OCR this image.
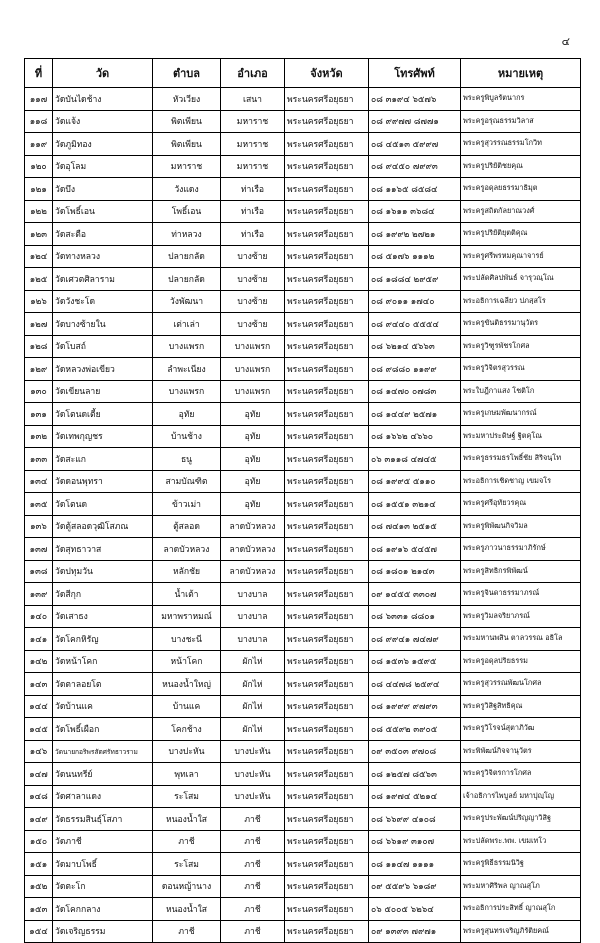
๔
ที่	วัด	ตำบล	อำเภอ	จังหวัด	โทรศัพท์	หมายเหตุ
๑๑๗	วัดบันไดช้าง	หัวเวียง	เสนา	พระนครศรีอยุธยา	๐๘ ๓๑๙๔ ๖๕๗๖	พระครูพิบูลรัตนากร
๑๑๘	วัดแจ้ง	พิตเพียน	มหาราช	พระนครศรีอยุธยา	๐๘ ๙๙๗๗ ๘๗๗๑	พระครูอรุณธรรมวิลาส
๑๑๙	วัดภูมิทอง	พิตเพียน	มหาราช	พระนครศรีอยุธยา	๐๘ ๔๕๑๓ ๕๙๙๗	พระครูสุวรรณธรรมโกวิท
๑๒๐	วัดอุโลม	มหาราช	มหาราช	พระนครศรีอยุธยา	๐๘ ๙๔๕๐ ๗๙๙๓	พระครูปริยัติชยคุณ
๑๒๑	วัดบึง	วังแดง	ท่าเรือ	พระนครศรีอยุธยา	๐๘ ๑๑๖๕ ๘๕๘๔	พระครูอดุลยธรรมาธิมุต
๑๒๒	วัดโพธิ์เอน	โพธิ์เอน	ท่าเรือ	พระนครศรีอยุธยา	๐๘ ๑๖๑๑ ๓๖๘๔	พระครูสถิตกัลยาณวงศ์
๑๒๓	วัดสะตือ	ท่าหลวง	ท่าเรือ	พระนครศรีอยุธยา	๐๘ ๑๙๙๒ ๒๗๒๑	พระครูปริยัติยุตติคุณ
๑๒๔	วัดทางหลวง	ปลายกลัด	บางซ้าย	พระนครศรีอยุธยา	๐๘ ๕๑๗๖ ๑๑๑๒	พระครูศรีพรหมคุณาจารย์
๑๒๕	วัดเศวตศิลาราม	ปลายกลัด	บางซ้าย	พระนครศรีอยุธยา	๐๘ ๑๘๘๔ ๒๙๕๙	พระปลัดศิลปพันธ์ จารุวณฺโณ
๑๒๖	วัดวังชะโด	วังพัฒนา	บางซ้าย	พระนครศรีอยุธยา	๐๘ ๙๐๑๑ ๑๗๔๐	พระอธิการเฉลียว ปภสฺสโร
๑๒๗	วัดบางซ้ายใน	เต่าเล่า	บางซ้าย	พระนครศรีอยุธยา	๐๘ ๙๔๔๐ ๕๕๕๔	พระครูขันติธรรมานุวัตร
๑๒๘	วัดโบสถ์	บางแพรก	บางแพรก	พระนครศรีอยุธยา	๐๘ ๖๒๑๔ ๕๖๖๓	พระครูวิฑูรพัชรโกศล
๑๒๙	วัดหลวงพ่อเขียว	ลำพะเนียง	บางแพรก	พระนครศรีอยุธยา	๐๘ ๙๘๘๐ ๑๑๙๙	พระครูวิจิตรสุวรรณ
๑๓๐	วัดเขียนลาย	บางแพรก	บางแพรก	พระนครศรีอยุธยา	๐๘ ๑๔๗๐ ๐๗๘๓	พระใบฎีกาแสง โชติโก
๑๓๑	วัดโตนดเตี้ย	อุทัย	อุทัย	พระนครศรีอยุธยา	๐๘ ๑๔๔๙ ๒๕๗๑	พระครูเกษมพัฒนากรณ์
๑๓๒	วัดเทพกุญชร	บ้านช้าง	อุทัย	พระนครศรีอยุธยา	๐๘ ๑๖๖๒ ๔๖๖๐	พระมหาประดิษฐ์ ฐิตคุโณ
๑๓๓	วัดสะแก	ธนู	อุทัย	พระนครศรีอยุธยา	๐๖ ๓๑๑๘ ๔๗๔๕	พระครูธรรมธรโพธิ์ชัย สิริจนฺโท
๑๓๔	วัดดอนพุทรา	สามบัณฑิต	อุทัย	พระนครศรีอยุธยา	๐๘ ๑๙๙๕ ๕๑๑๐	พระอธิการเชิดชาญ เขมจโร
๑๓๕	วัดโตนด	ข้าวเม่า	อุทัย	พระนครศรีอยุธยา	๐๘ ๑๕๕๑ ๓๒๑๔	พระครูศรีอุทัยวรคุณ
๑๓๖	วัดตู้สลอดวุฒิโสภณ	ตู้สลอด	ลาดบัวหลวง	พระนครศรีอยุธยา	๐๘ ๗๔๑๓ ๒๕๑๕	พระครูพิพัฒนกิจวิมล
๑๓๗	วัดสุทธาวาส	ลาดบัวหลวง	ลาดบัวหลวง	พระนครศรีอยุธยา	๐๘ ๑๙๑๖ ๕๔๕๗	พระครูภาวนาธรรมาภิรักษ์
๑๓๘	วัดปทุมวัน	หลักชัย	ลาดบัวหลวง	พระนครศรีอยุธยา	๐๘ ๑๘๐๑ ๒๑๔๓	พระครูสิทธิกรพิพัฒน์
๑๓๙	วัดสีกุก	น้ำเต้า	บางบาล	พระนครศรีอยุธยา	๐๙ ๑๔๕๕ ๓๓๐๗	พระครูจินดาธรรมาภรณ์
๑๔๐	วัดเสาธง	มหาพราหมณ์	บางบาล	พระนครศรีอยุธยา	๐๘ ๖๓๓๑ ๘๘๐๑	พระครูวิมลจริยาภรณ์
๑๔๑	วัดโคกหิรัญ	บางชะนี	บางบาล	พระนครศรีอยุธยา	๐๘ ๙๙๔๑ ๗๔๗๙	พระมหานพสิน ตาลวรรณ อธิโล
๑๔๒	วัดหน้าโคก	หน้าโคก	ผักไห่	พระนครศรีอยุธยา	๐๘ ๑๕๓๖ ๑๕๙๕	พระครูอดุลปริยธรรม
๑๔๓	วัดตาลอยโต	หนองน้ำใหญ่	ผักไห่	พระนครศรีอยุธยา	๐๘ ๔๔๗๘ ๒๕๙๔	พระครูสุวรรณพัฒนโกศล
๑๔๔	วัดบ้านแค	บ้านแค	ผักไห่	พระนครศรีอยุธยา	๐๘ ๑๙๙๙ ๙๗๙๓	พระครูวิสิฐสิทธิคุณ
๑๔๕	วัดโพธิ์เผือก	โคกช้าง	ผักไห่	พระนครศรีอยุธยา	๐๘ ๕๕๙๒ ๓๙๐๕	พระครูวิโรจน์สุตาภิวัฒ
๑๔๖	วัดนายกอริพรสัตศรัทธาวราม	บางปะหัน	บางปะหัน	พระนครศรีอยุธยา	๐๙ ๓๕๐๓ ๙๗๐๘	พระพิพัฒน์กิจจานุวัตร
๑๔๗	วัดนนทรีย์	พุทเลา	บางปะหัน	พระนครศรีอยุธยา	๐๘ ๑๒๕๗ ๘๕๖๓	พระครูวิจิตรการโกศล
๑๔๘	วัดศาลาแดง	ระโสม	บางปะหัน	พระนครศรีอยุธยา	๐๘ ๑๙๗๔ ๕๒๑๔	เจ้าอธิการไพบูลย์ มหาปุญฺโญ
๑๔๙	วัดธรรมสินธุ์โสภา	หนองน้ำใส	ภาชี	พระนครศรีอยุธยา	๐๘ ๖๖๙๙ ๔๑๐๘	พระครูประพัฒน์ปริญญาวิสิฐ
๑๕๐	วัดภาชี	ภาชี	ภาชี	พระนครศรีอยุธยา	๐๘ ๖๖๑๙ ๓๑๐๗	พระปลัดพระ.พพ. เขมเทโว
๑๕๑	วัดมาบโพธิ์	ระโสม	ภาชี	พระนครศรีอยุธยา	๐๘ ๑๑๔๗ ๑๑๑๑	พระครูพิธีธรรมนิวิฐ
๑๕๒	วัดตะโก	ดอนหญ้านาง	ภาชี	พระนครศรีอยุธยา	๐๙ ๕๕๙๖ ๖๑๘๙	พระมหาศิริพล ญาณสุโภ
๑๕๓	วัดโคกกลาง	หนองน้ำใส	ภาชี	พระนครศรีอยุธยา	๐๖ ๕๐๐๕ ๖๒๖๔	พระอธิการประสิทธิ์ ญาณสุโก
๑๕๔	วัดเจริญธรรม	ภาชี	ภาชี	พระนครศรีอยุธยา	๐๙ ๑๓๙๓ ๗๙๗๑	พระครูสุนทรเจริญภิรัติยคณ์
